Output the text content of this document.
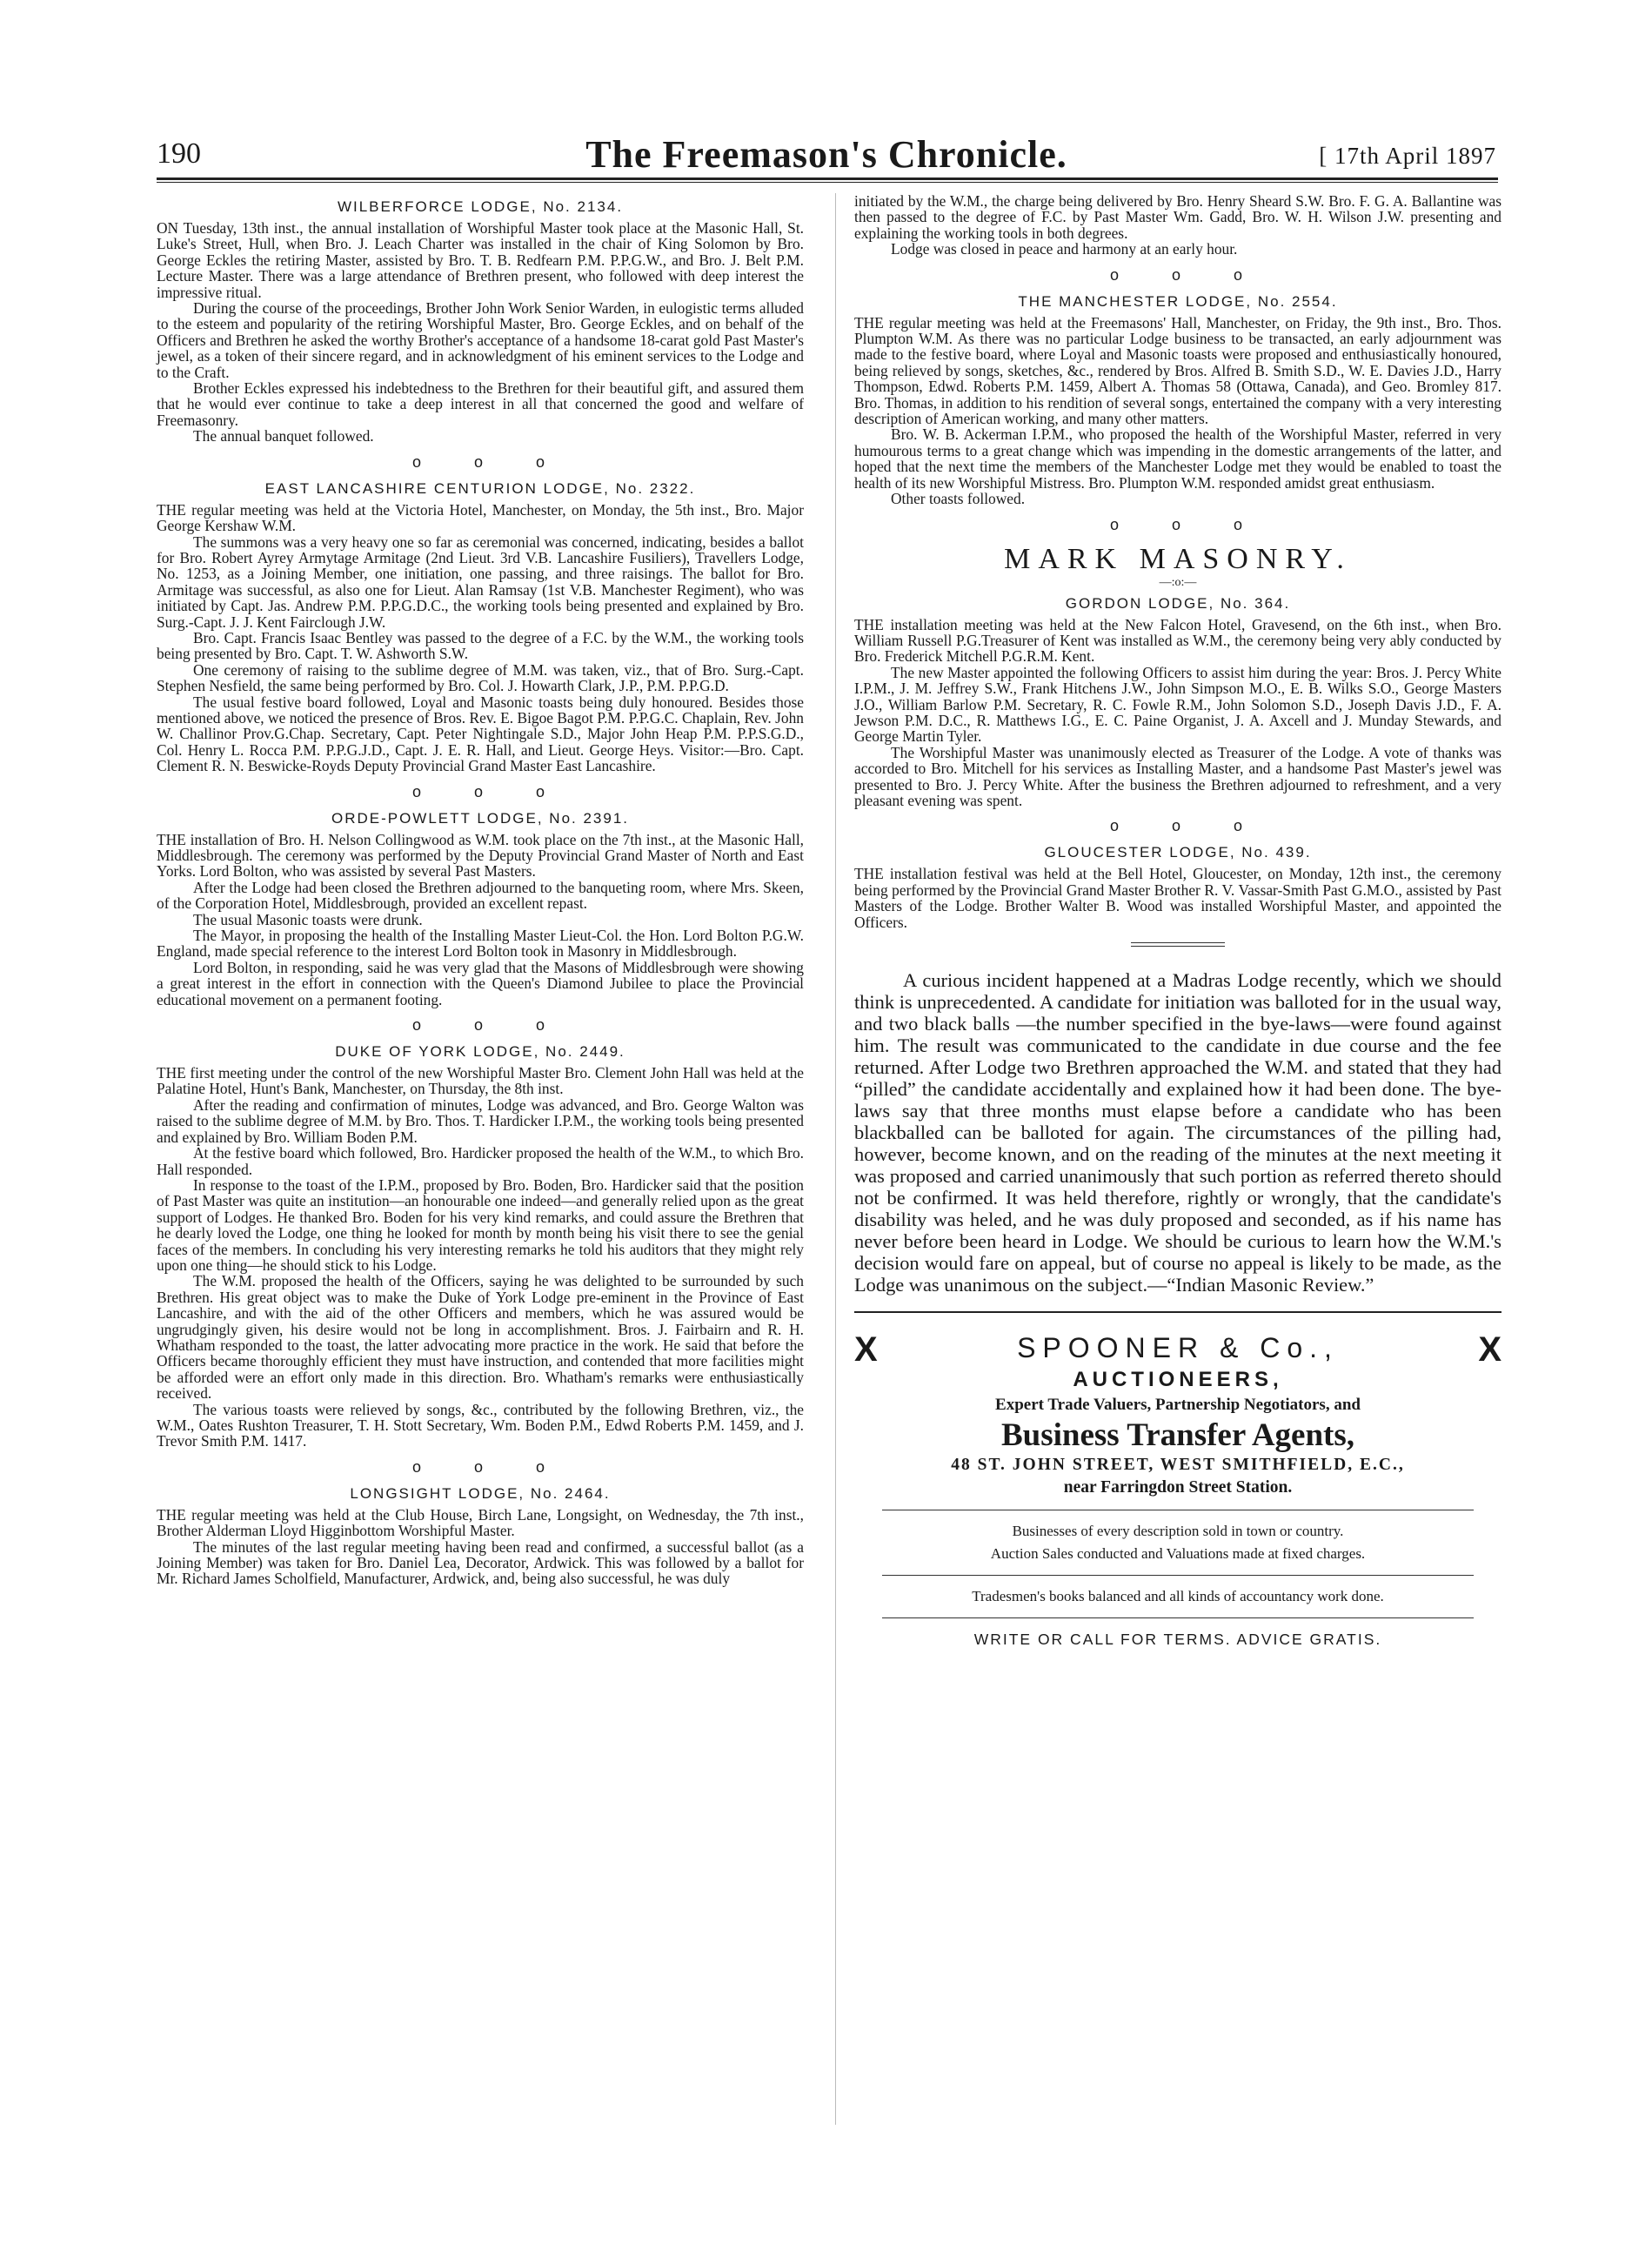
190	The Freemason's Chronicle.	[ 17th April 1897
WILBERFORCE LODGE, No. 2134.

ON Tuesday, 13th inst., the annual installation of Worshipful Master took place at the Masonic Hall, St. Luke's Street, Hull, when Bro. J. Leach Charter was installed in the chair of King Solomon by Bro. George Eckles the retiring Master, assisted by Bro. T. B. Redfearn P.M. P.P.G.W., and Bro. J. Belt P.M. Lecture Master. There was a large attendance of Brethren present, who followed with deep interest the impressive ritual.

During the course of the proceedings, Brother John Work Senior Warden, in eulogistic terms alluded to the esteem and popularity of the retiring Worshipful Master, Bro. George Eckles, and on behalf of the Officers and Brethren he asked the worthy Brother's acceptance of a handsome 18-carat gold Past Master's jewel, as a token of their sincere regard, and in acknowledgment of his eminent services to the Lodge and to the Craft.

Brother Eckles expressed his indebtedness to the Brethren for their beautiful gift, and assured them that he would ever continue to take a deep interest in all that concerned the good and welfare of Freemasonry.

The annual banquet followed.

o o o
EAST LANCASHIRE CENTURION LODGE, No. 2322.

THE regular meeting was held at the Victoria Hotel, Manchester, on Monday, the 5th inst., Bro. Major George Kershaw W.M.

The summons was a very heavy one so far as ceremonial was concerned, indicating, besides a ballot for Bro. Robert Ayrey Armytage Armitage (2nd Lieut. 3rd V.B. Lancashire Fusiliers), Travellers Lodge, No. 1253, as a Joining Member, one initiation, one passing, and three raisings. The ballot for Bro. Armitage was successful, as also one for Lieut. Alan Ramsay (1st V.B. Manchester Regiment), who was initiated by Capt. Jas. Andrew P.M. P.P.G.D.C., the working tools being presented and explained by Bro. Surg.-Capt. J. J. Kent Fairclough J.W.

Bro. Capt. Francis Isaac Bentley was passed to the degree of a F.C. by the W.M., the working tools being presented by Bro. Capt. T. W. Ashworth S.W.

One ceremony of raising to the sublime degree of M.M. was taken, viz., that of Bro. Surg.-Capt. Stephen Nesfield, the same being performed by Bro. Col. J. Howarth Clark, J.P., P.M. P.P.G.D.

The usual festive board followed, Loyal and Masonic toasts being duly honoured. Besides those mentioned above, we noticed the presence of Bros. Rev. E. Bigoe Bagot P.M. P.P.G.C. Chaplain, Rev. John W. Challinor Prov.G.Chap. Secretary, Capt. Peter Nightingale S.D., Major John Heap P.M. P.P.S.G.D., Col. Henry L. Rocca P.M. P.P.G.J.D., Capt. J. E. R. Hall, and Lieut. George Heys. Visitor:—Bro. Capt. Clement R. N. Beswicke-Royds Deputy Provincial Grand Master East Lancashire.

o o o
ORDE-POWLETT LODGE, No. 2391.

THE installation of Bro. H. Nelson Collingwood as W.M. took place on the 7th inst., at the Masonic Hall, Middlesbrough. The ceremony was performed by the Deputy Provincial Grand Master of North and East Yorks. Lord Bolton, who was assisted by several Past Masters.

After the Lodge had been closed the Brethren adjourned to the banqueting room, where Mrs. Skeen, of the Corporation Hotel, Middlesbrough, provided an excellent repast.

The usual Masonic toasts were drunk.

The Mayor, in proposing the health of the Installing Master Lieut-Col. the Hon. Lord Bolton P.G.W. England, made special reference to the interest Lord Bolton took in Masonry in Middlesbrough.

Lord Bolton, in responding, said he was very glad that the Masons of Middlesbrough were showing a great interest in the effort in connection with the Queen's Diamond Jubilee to place the Provincial educational movement on a permanent footing.

o o o
DUKE OF YORK LODGE, No. 2449.

THE first meeting under the control of the new Worshipful Master Bro. Clement John Hall was held at the Palatine Hotel, Hunt's Bank, Manchester, on Thursday, the 8th inst.

After the reading and confirmation of minutes, Lodge was advanced, and Bro. George Walton was raised to the sublime degree of M.M. by Bro. Thos. T. Hardicker I.P.M., the working tools being presented and explained by Bro. William Boden P.M.

At the festive board which followed, Bro. Hardicker proposed the health of the W.M., to which Bro. Hall responded.

In response to the toast of the I.P.M., proposed by Bro. Boden, Bro. Hardicker said that the position of Past Master was quite an institution—an honourable one indeed—and generally relied upon as the great support of Lodges. He thanked Bro. Boden for his very kind remarks, and could assure the Brethren that he dearly loved the Lodge, one thing he looked for month by month being his visit there to see the genial faces of the members. In concluding his very interesting remarks he told his auditors that they might rely upon one thing—he should stick to his Lodge.

The W.M. proposed the health of the Officers, saying he was delighted to be surrounded by such Brethren. His great object was to make the Duke of York Lodge pre-eminent in the Province of East Lancashire, and with the aid of the other Officers and members, which he was assured would be ungrudgingly given, his desire would not be long in accomplishment. Bros. J. Fairbairn and R. H. Whatham responded to the toast, the latter advocating more practice in the work. He said that before the Officers became thoroughly efficient they must have instruction, and contended that more facilities might be afforded were an effort only made in this direction. Bro. Whatham's remarks were enthusiastically received.

The various toasts were relieved by songs, &c., contributed by the following Brethren, viz., the W.M., Oates Rushton Treasurer, T. H. Stott Secretary, Wm. Boden P.M., Edwd Roberts P.M. 1459, and J. Trevor Smith P.M. 1417.

o o o
LONGSIGHT LODGE, No. 2464.

THE regular meeting was held at the Club House, Birch Lane, Longsight, on Wednesday, the 7th inst., Brother Alderman Lloyd Higginbottom Worshipful Master.

The minutes of the last regular meeting having been read and confirmed, a successful ballot (as a Joining Member) was taken for Bro. Daniel Lea, Decorator, Ardwick. This was followed by a ballot for Mr. Richard James Scholfield, Manufacturer, Ardwick, and, being also successful, he was duly

initiated by the W.M., the charge being delivered by Bro. Henry Sheard S.W. Bro. F. G. A. Ballantine was then passed to the degree of F.C. by Past Master Wm. Gadd, Bro. W. H. Wilson J.W. presenting and explaining the working tools in both degrees.

Lodge was closed in peace and harmony at an early hour.

o o o
THE MANCHESTER LODGE, No. 2554.

THE regular meeting was held at the Freemasons' Hall, Manchester, on Friday, the 9th inst., Bro. Thos. Plumpton W.M. As there was no particular Lodge business to be transacted, an early adjournment was made to the festive board, where Loyal and Masonic toasts were proposed and enthusiastically honoured, being relieved by songs, sketches, &c., rendered by Bros. Alfred B. Smith S.D., W. E. Davies J.D., Harry Thompson, Edwd. Roberts P.M. 1459, Albert A. Thomas 58 (Ottawa, Canada), and Geo. Bromley 817. Bro. Thomas, in addition to his rendition of several songs, entertained the company with a very interesting description of American working, and many other matters.

Bro. W. B. Ackerman I.P.M., who proposed the health of the Worshipful Master, referred in very humourous terms to a great change which was impending in the domestic arrangements of the latter, and hoped that the next time the members of the Manchester Lodge met they would be enabled to toast the health of its new Worshipful Mistress. Bro. Plumpton W.M. responded amidst great enthusiasm.

Other toasts followed.

o o o
MARK MASONRY.
—:o:—
GORDON LODGE, No. 364.

THE installation meeting was held at the New Falcon Hotel, Gravesend, on the 6th inst., when Bro. William Russell P.G.Treasurer of Kent was installed as W.M., the ceremony being very ably conducted by Bro. Frederick Mitchell P.G.R.M. Kent.

The new Master appointed the following Officers to assist him during the year: Bros. J. Percy White I.P.M., J. M. Jeffrey S.W., Frank Hitchens J.W., John Simpson M.O., E. B. Wilks S.O., George Masters J.O., William Barlow P.M. Secretary, R. C. Fowle R.M., John Solomon S.D., Joseph Davis J.D., F. A. Jewson P.M. D.C., R. Matthews I.G., E. C. Paine Organist, J. A. Axcell and J. Munday Stewards, and George Martin Tyler.

The Worshipful Master was unanimously elected as Treasurer of the Lodge. A vote of thanks was accorded to Bro. Mitchell for his services as Installing Master, and a handsome Past Master's jewel was presented to Bro. J. Percy White. After the business the Brethren adjourned to refreshment, and a very pleasant evening was spent.

o o o
GLOUCESTER LODGE, No. 439.

THE installation festival was held at the Bell Hotel, Gloucester, on Monday, 12th inst., the ceremony being performed by the Provincial Grand Master Brother R. V. Vassar-Smith Past G.M.O., assisted by Past Masters of the Lodge. Brother Walter B. Wood was installed Worshipful Master, and appointed the Officers.

A curious incident happened at a Madras Lodge recently, which we should think is unprecedented. A candidate for initiation was balloted for in the usual way, and two black balls —the number specified in the bye-laws—were found against him. The result was communicated to the candidate in due course and the fee returned. After Lodge two Brethren approached the W.M. and stated that they had “pilled” the candidate accidentally and explained how it had been done. The bye-laws say that three months must elapse before a candidate who has been blackballed can be balloted for again. The circumstances of the pilling had, however, become known, and on the reading of the minutes at the next meeting it was proposed and carried unanimously that such portion as referred thereto should not be confirmed. It was held therefore, rightly or wrongly, that the candidate's disability was heled, and he was duly proposed and seconded, as if his name has never before been heard in Lodge. We should be curious to learn how the W.M.'s decision would fare on appeal, but of course no appeal is likely to be made, as the Lodge was unanimous on the subject.—“Indian Masonic Review.”

X	X
SPOONER & Co.,
AUCTIONEERS,
Expert Trade Valuers, Partnership Negotiators, and
Business Transfer Agents,
48 ST. JOHN STREET, WEST SMITHFIELD, E.C.,
near Farringdon Street Station.
Businesses of every description sold in town or country.
Auction Sales conducted and Valuations made at fixed charges.
Tradesmen's books balanced and all kinds of accountancy work done.
WRITE OR CALL FOR TERMS. ADVICE GRATIS.
